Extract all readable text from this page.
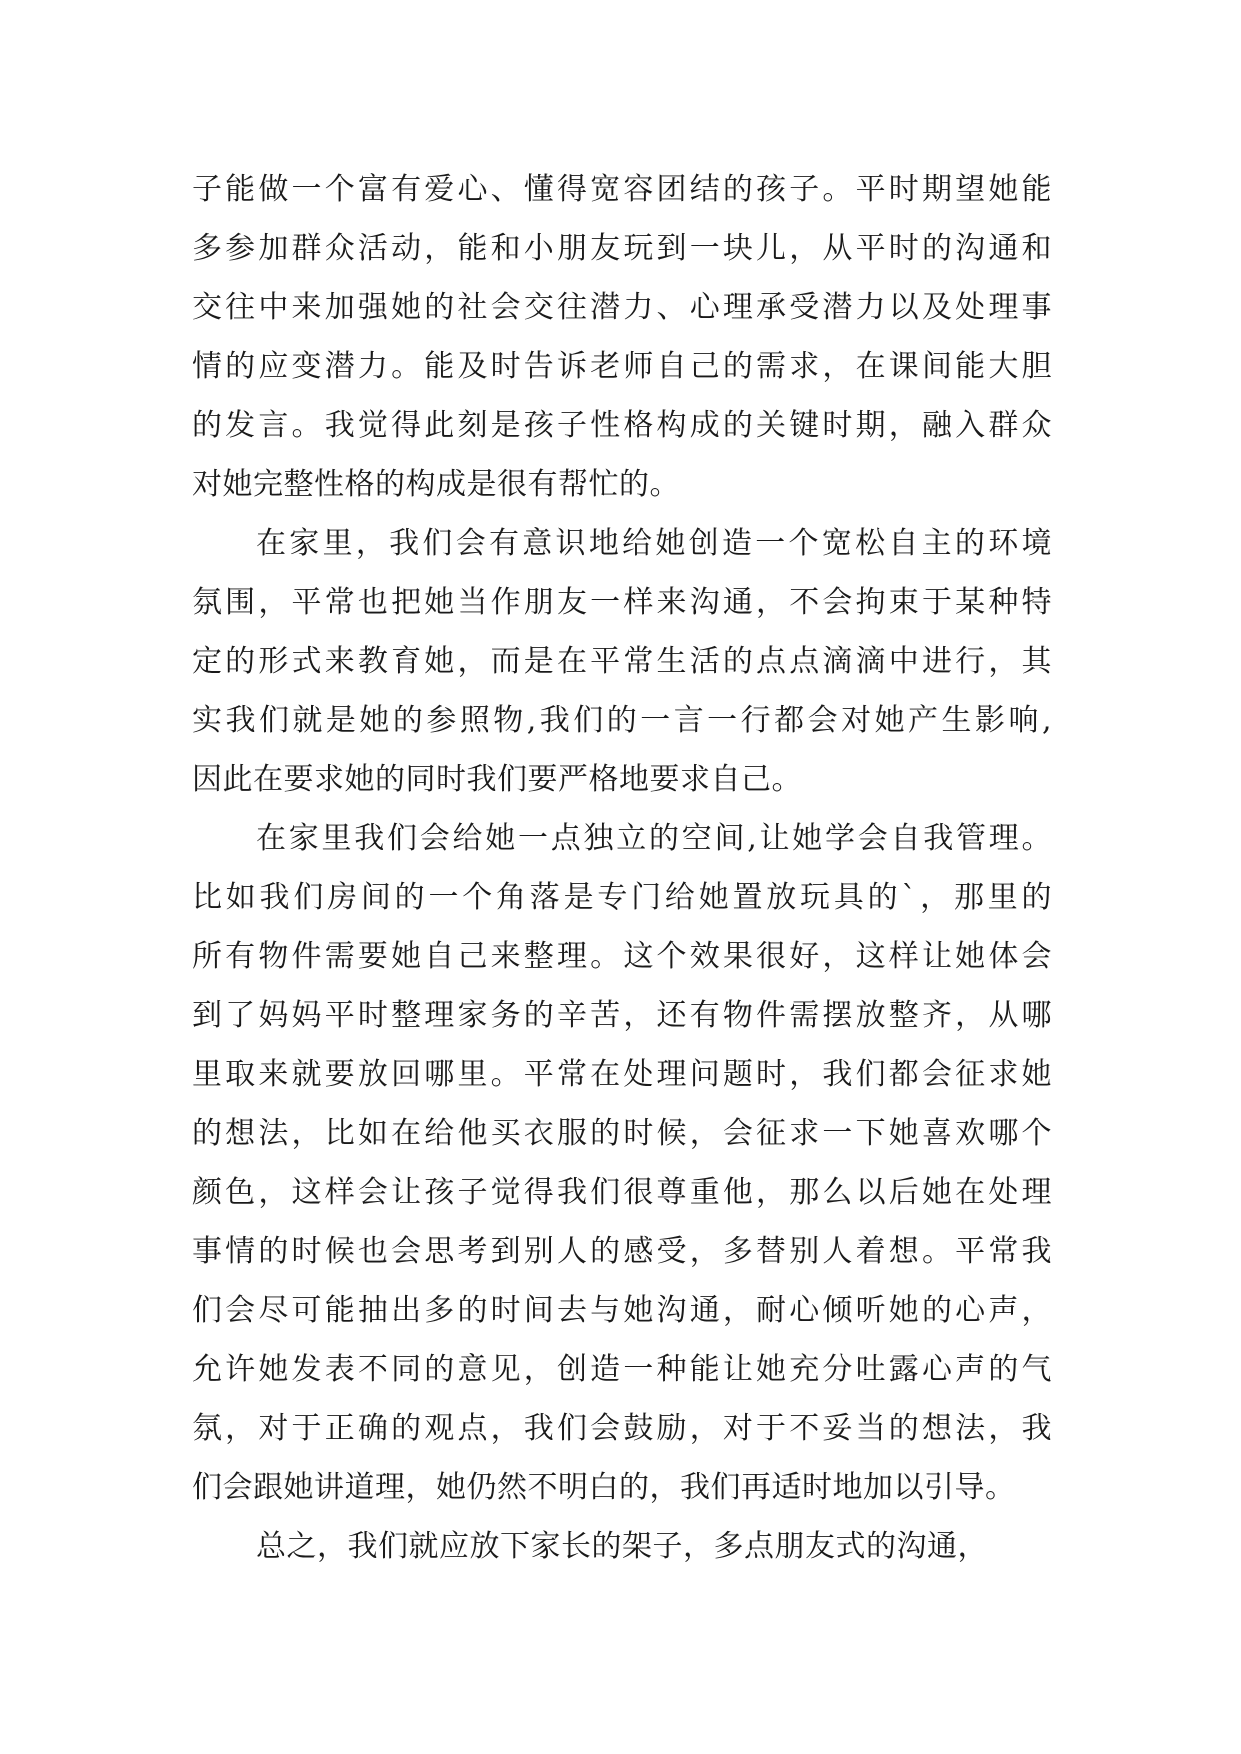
子能做一个富有爱心、懂得宽容团结的孩子。平时期望她能
多参加群众活动，能和小朋友玩到一块儿，从平时的沟通和
交往中来加强她的社会交往潜力、心理承受潜力以及处理事
情的应变潜力。能及时告诉老师自己的需求，在课间能大胆
的发言。我觉得此刻是孩子性格构成的关键时期，融入群众
对她完整性格的构成是很有帮忙的。
在家里，我们会有意识地给她创造一个宽松自主的环境
氛围，平常也把她当作朋友一样来沟通，不会拘束于某种特
定的形式来教育她，而是在平常生活的点点滴滴中进行，其
实我们就是她的参照物,我们的一言一行都会对她产生影响,
因此在要求她的同时我们要严格地要求自己。
在家里我们会给她一点独立的空间,让她学会自我管理。
比如我们房间的一个角落是专门给她置放玩具的`，那里的
所有物件需要她自己来整理。这个效果很好，这样让她体会
到了妈妈平时整理家务的辛苦，还有物件需摆放整齐，从哪
里取来就要放回哪里。平常在处理问题时，我们都会征求她
的想法，比如在给他买衣服的时候，会征求一下她喜欢哪个
颜色，这样会让孩子觉得我们很尊重他，那么以后她在处理
事情的时候也会思考到别人的感受，多替别人着想。平常我
们会尽可能抽出多的时间去与她沟通，耐心倾听她的心声，
允许她发表不同的意见，创造一种能让她充分吐露心声的气
氛，对于正确的观点，我们会鼓励，对于不妥当的想法，我
们会跟她讲道理，她仍然不明白的，我们再适时地加以引导。
总之，我们就应放下家长的架子，多点朋友式的沟通，
